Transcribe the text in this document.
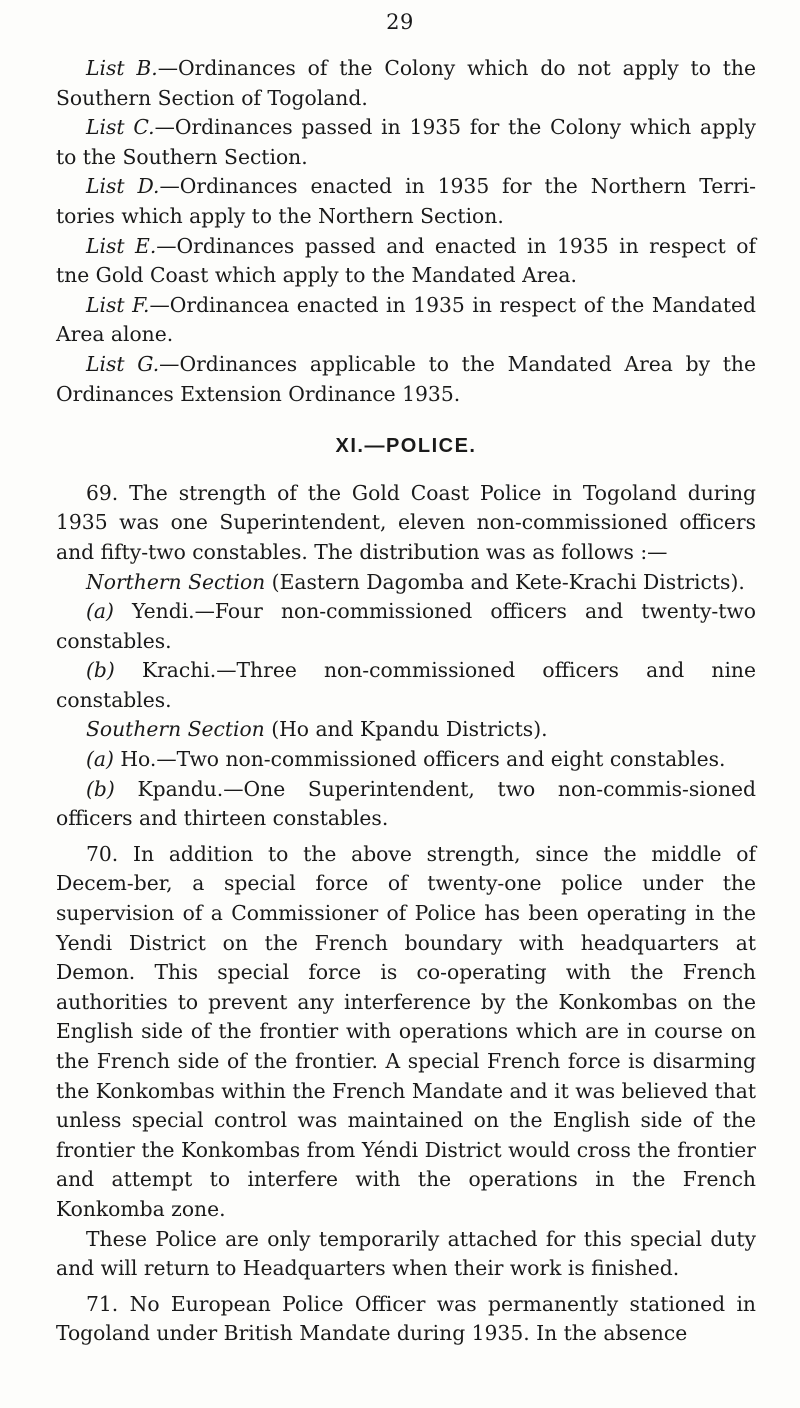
29

List B.—Ordinances of the Colony which do not apply to the Southern Section of Togoland.

List C.—Ordinances passed in 1935 for the Colony which apply to the Southern Section.

List D.—Ordinances enacted in 1935 for the Northern Terri-tories which apply to the Northern Section.

List E.—Ordinances passed and enacted in 1935 in respect of tne Gold Coast which apply to the Mandated Area.

List F.—Ordinancea enacted in 1935 in respect of the Mandated Area alone.

List G.—Ordinances applicable to the Mandated Area by the Ordinances Extension Ordinance 1935.

XI.—POLICE.

69. The strength of the Gold Coast Police in Togoland during 1935 was one Superintendent, eleven non-commissioned officers and fifty-two constables. The distribution was as follows :—

Northern Section (Eastern Dagomba and Kete-Krachi Districts).

(a) Yendi.—Four non-commissioned officers and twenty-two constables.

(b) Krachi.—Three non-commissioned officers and nine constables.

Southern Section (Ho and Kpandu Districts).

(a) Ho.—Two non-commissioned officers and eight constables.

(b) Kpandu.—One Superintendent, two non-commis-sioned officers and thirteen constables.

70. In addition to the above strength, since the middle of Decem-ber, a special force of twenty-one police under the supervision of a Commissioner of Police has been operating in the Yendi District on the French boundary with headquarters at Demon. This special force is co-operating with the French authorities to prevent any interference by the Konkombas on the English side of the frontier with operations which are in course on the French side of the frontier. A special French force is disarming the Konkombas within the French Mandate and it was believed that unless special control was maintained on the English side of the frontier the Konkombas from Yéndi District would cross the frontier and attempt to interfere with the operations in the French Konkomba zone.

These Police are only temporarily attached for this special duty and will return to Headquarters when their work is finished.

71. No European Police Officer was permanently stationed in Togoland under British Mandate during 1935. In the absence
